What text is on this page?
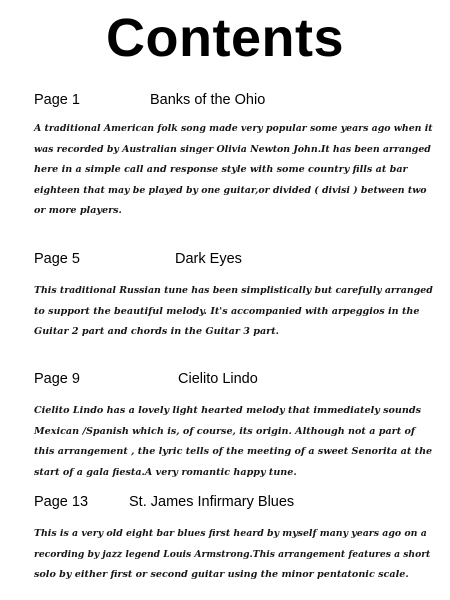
Contents
Page 1	Banks of the Ohio

A traditional American folk song made very popular some years ago when it
was recorded by Australian singer Olivia Newton John.It has been arranged
here in a simple call and response style with some country fills at bar
eighteen that may be played by one guitar,or divided ( divisi ) between two
or more players.

Page 5	Dark Eyes

This traditional Russian tune has been simplistically but carefully arranged
to support the beautiful melody. It's accompanied with arpeggios in the
Guitar 2 part and chords in the Guitar 3 part.

Page 9	Cielito Lindo

Cielito Lindo has a lovely light hearted melody that immediately sounds
Mexican /Spanish which is, of course, its origin. Although not a part of
this arrangement , the lyric tells of the meeting of a sweet Senorita at the
start of a gala fiesta.A very romantic happy tune.

Page 13	St. James Infirmary Blues

This is a very old eight bar blues first heard by myself many years ago on a
recording by jazz legend Louis Armstrong.This arrangement features a short
solo by either first or second guitar using the minor pentatonic scale.
